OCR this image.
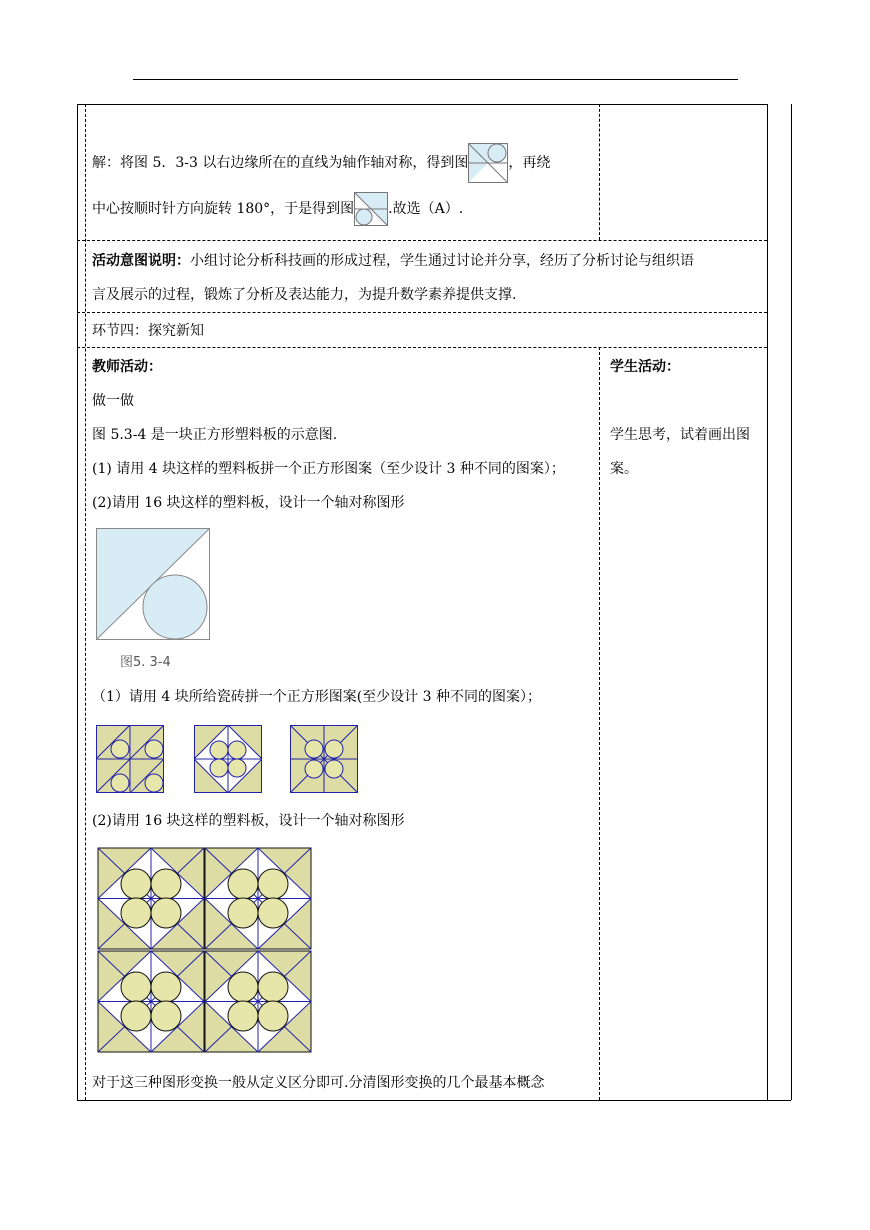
解：将图 5．3-3 以右边缘所在的直线为轴作轴对称，得到图	，再绕
中心按顺时针方向旋转 180°，于是得到图 .故选（A）.
活动意图说明：小组讨论分析科技画的形成过程，学生通过讨论并分享，经历了分析讨论与组织语
言及展示的过程，锻炼了分析及表达能力，为提升数学素养提供支撑.
环节四：探究新知
教师活动：
做一做
图 5.3-4 是一块正方形塑料板的示意图.
(1) 请用 4 块这样的塑料板拼一个正方形图案（至少设计 3 种不同的图案）；
(2)请用 16 块这样的塑料板，设计一个轴对称图形
图5. 3-4
（1）请用 4 块所给瓷砖拼一个正方形图案(至少设计 3 种不同的图案）；
(2)请用 16 块这样的塑料板，设计一个轴对称图形
对于这三种图形变换一般从定义区分即可.分清图形变换的几个最基本概念
学生活动：
学生思考，试着画出图
案。
